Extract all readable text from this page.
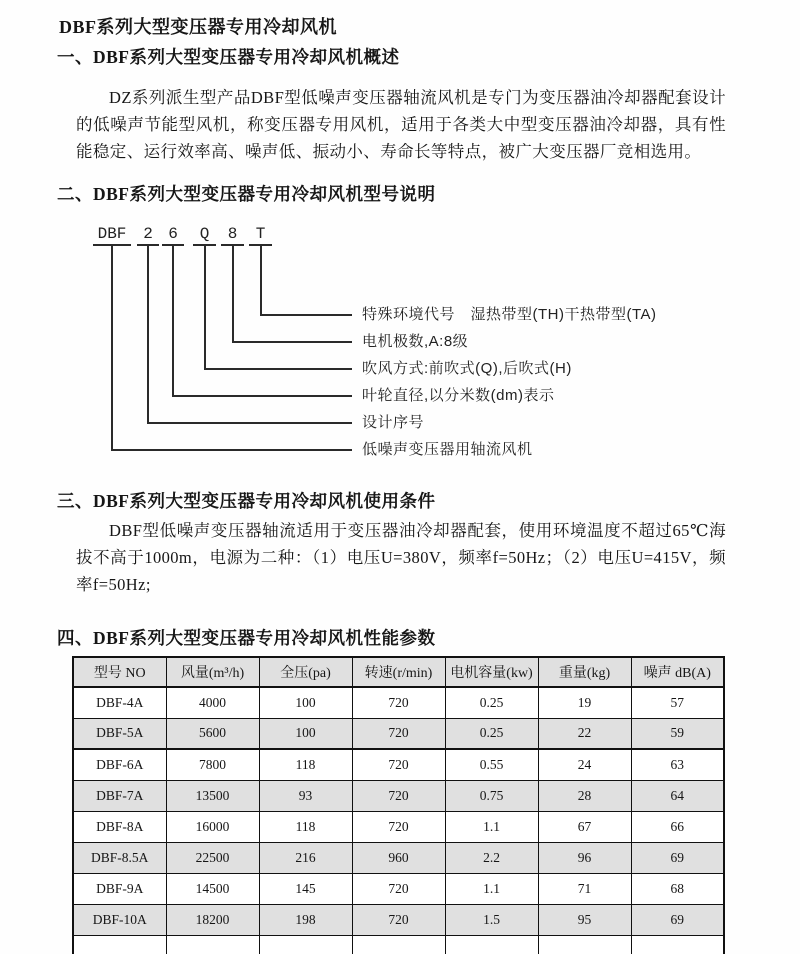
DBF系列大型变压器专用冷却风机
一、DBF系列大型变压器专用冷却风机概述
DZ系列派生型产品DBF型低噪声变压器轴流风机是专门为变压器油冷却器配套设计的低噪声节能型风机，称变压器专用风机，适用于各类大中型变压器油冷却器，具有性能稳定、运行效率高、噪声低、振动小、寿命长等特点，被广大变压器厂竞相选用。
二、DBF系列大型变压器专用冷却风机型号说明
DBF	2 6	Q	8	T
特殊环境代号　湿热带型(TH)干热带型(TA)
电机极数,A:8级
吹风方式:前吹式(Q),后吹式(H)
叶轮直径,以分米数(dm)表示
设计序号
低噪声变压器用轴流风机
三、DBF系列大型变压器专用冷却风机使用条件
DBF型低噪声变压器轴流适用于变压器油冷却器配套，使用环境温度不超过65℃海拔不高于1000m，电源为二种：（1）电压U=380V，频率f=50Hz；（2）电压U=415V，频率f=50Hz;
四、DBF系列大型变压器专用冷却风机性能参数
型号 NO	风量(m³/h)	全压(pa)	转速(r/min)	电机容量(kw)	重量(kg)	噪声 dB(A)
DBF-4A	4000	100	720	0.25	19	57
DBF-5A	5600	100	720	0.25	22	59
DBF-6A	7800	118	720	0.55	24	63
DBF-7A	13500	93	720	0.75	28	64
DBF-8A	16000	118	720	1.1	67	66
DBF-8.5A	22500	216	960	2.2	96	69
DBF-9A	14500	145	720	1.1	71	68
DBF-10A	18200	198	720	1.5	95	69
